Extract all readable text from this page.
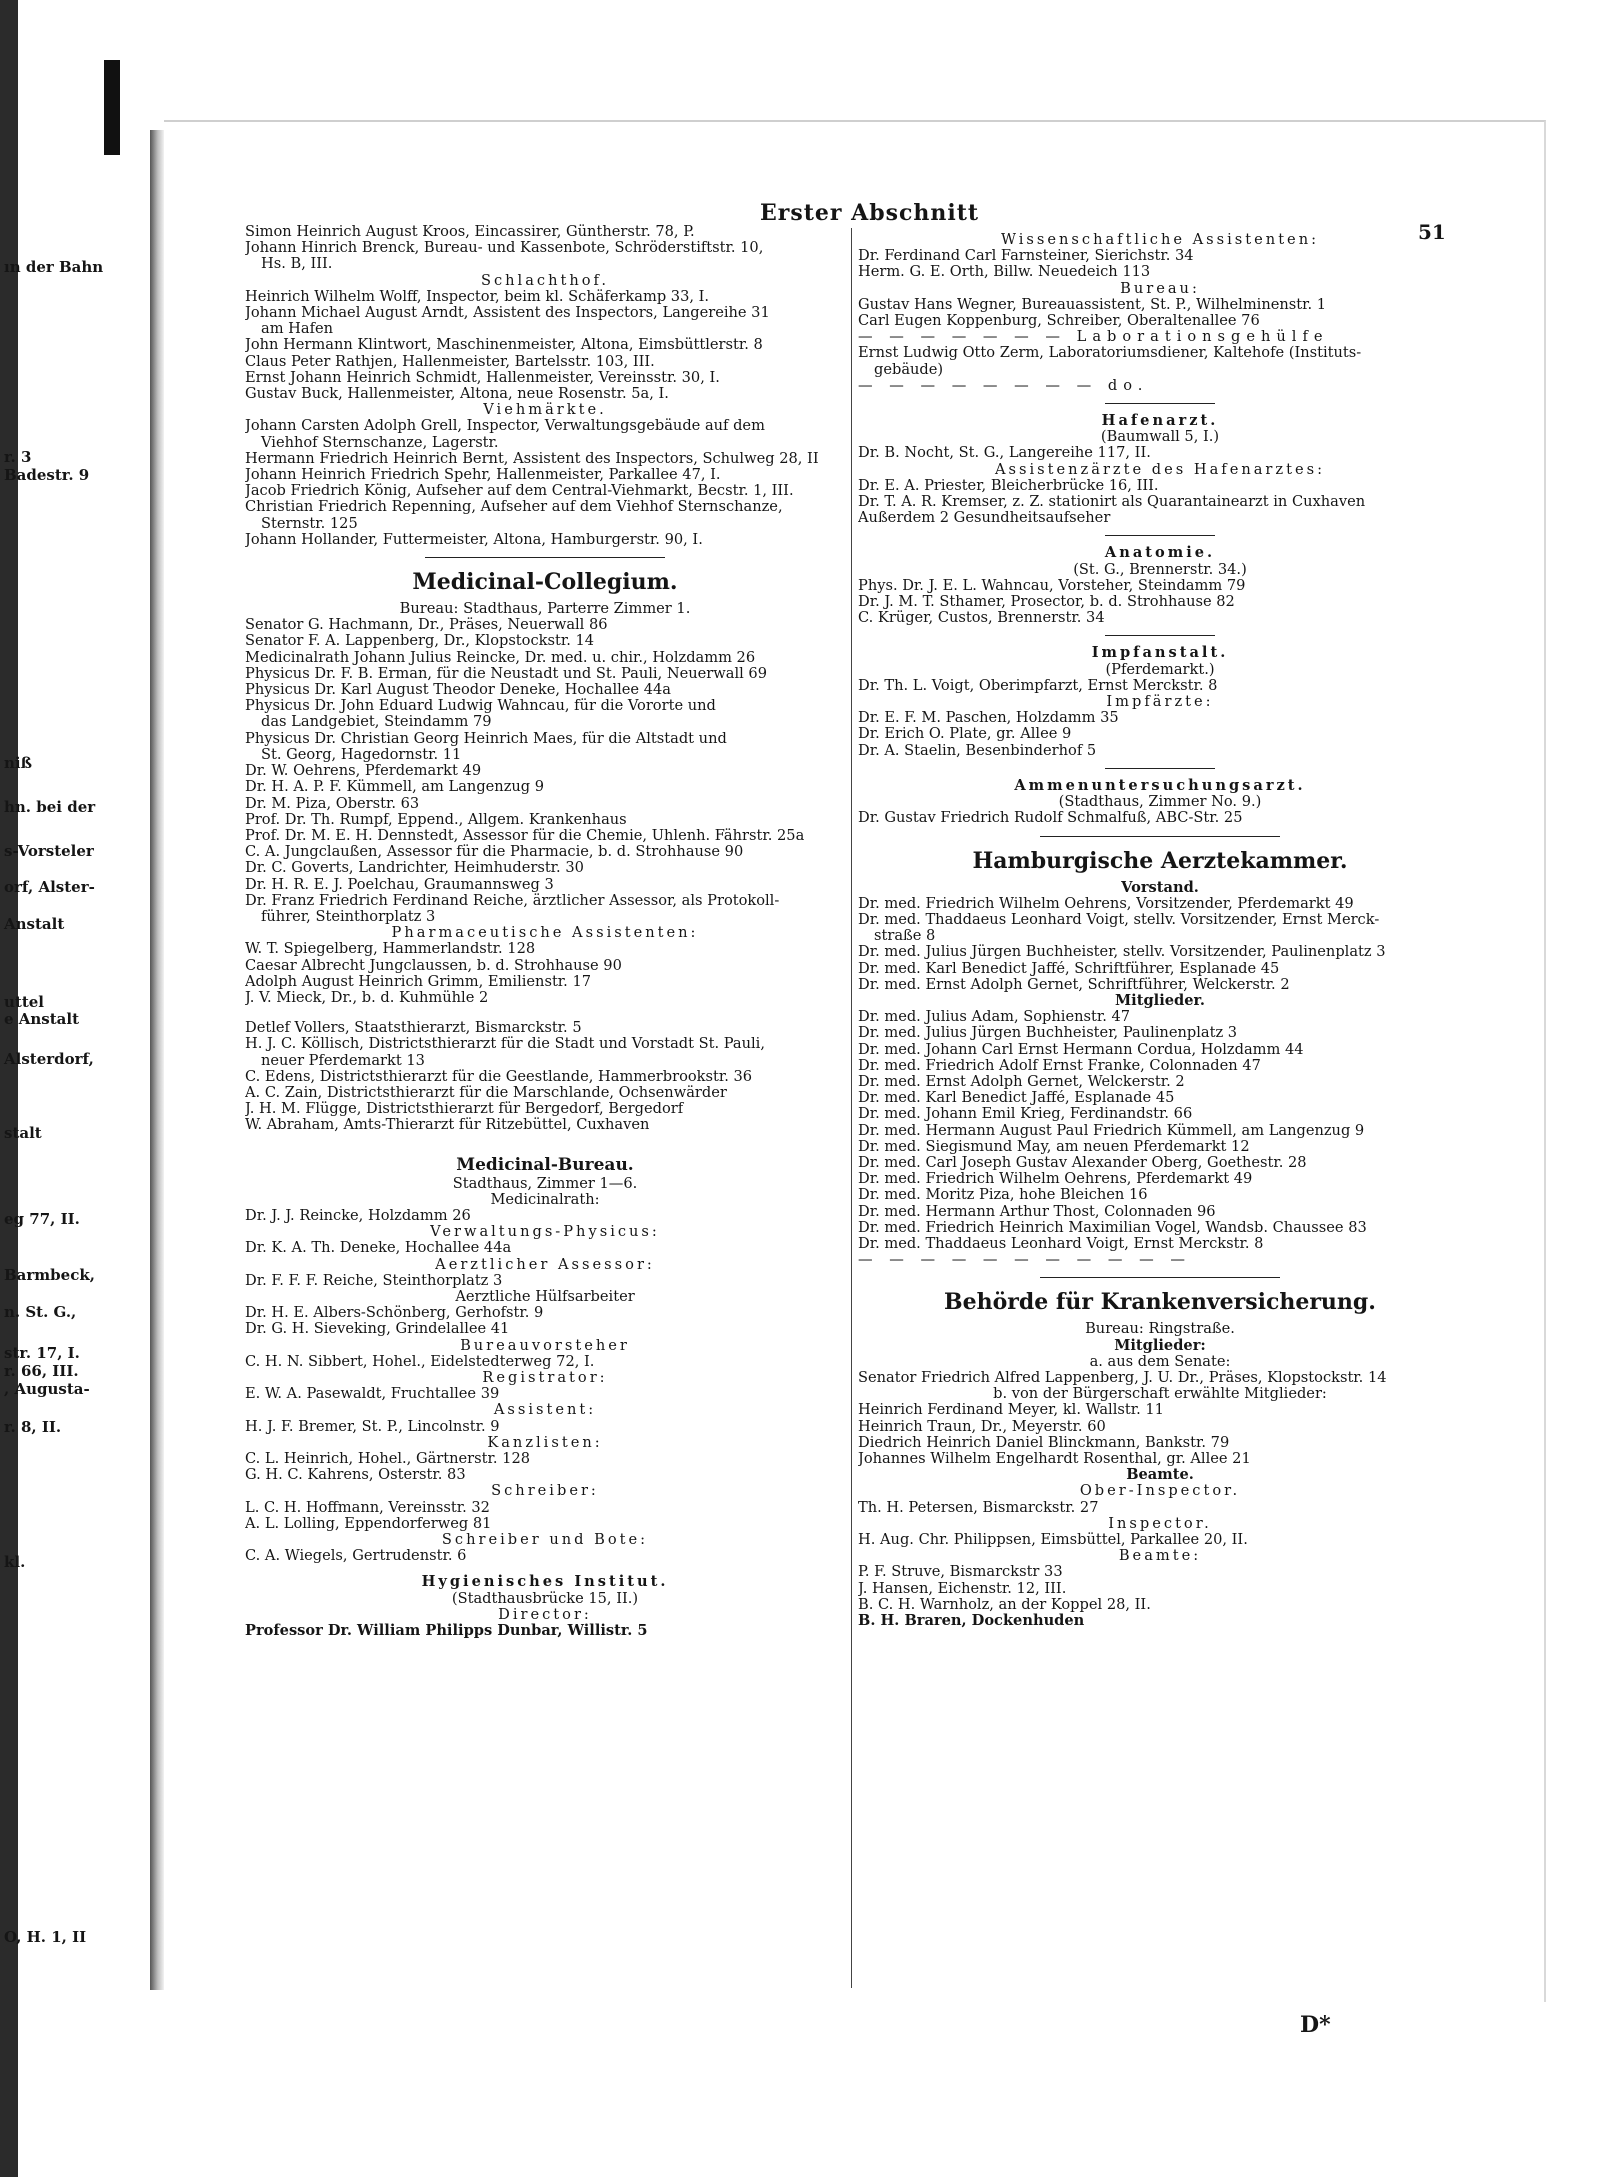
ın der Bahn
r. 3
Badestr. 9
niß
hn. bei der
s-Vorsteler
orf, Alster-
Anstalt
uttel
e Anstalt
Alsterdorf,
stalt
eg 77, II.
Barmbeck,
n. St. G.,
str. 17, I.
r. 66, III.
, Augusta-
r. 8, II.
kl.
O, H. 1, II
Erster Abschnitt
51
Simon Heinrich August Kroos, Eincassirer, Güntherstr. 78, P.
Johann Hinrich Brenck, Bureau- und Kassenbote, Schröderstiftstr. 10,
Hs. B, III.
Schlachthof.
Heinrich Wilhelm Wolff, Inspector, beim kl. Schäferkamp 33, I.
Johann Michael August Arndt, Assistent des Inspectors, Langereihe 31
am Hafen
John Hermann Klintwort, Maschinenmeister, Altona, Eimsbüttlerstr. 8
Claus Peter Rathjen, Hallenmeister, Bartelsstr. 103, III.
Ernst Johann Heinrich Schmidt, Hallenmeister, Vereinsstr. 30, I.
Gustav Buck, Hallenmeister, Altona, neue Rosenstr. 5a, I.
Viehmärkte.
Johann Carsten Adolph Grell, Inspector, Verwaltungsgebäude auf dem
Viehhof Sternschanze, Lagerstr.
Hermann Friedrich Heinrich Bernt, Assistent des Inspectors, Schulweg 28, II
Johann Heinrich Friedrich Spehr, Hallenmeister, Parkallee 47, I.
Jacob Friedrich König, Aufseher auf dem Central-Viehmarkt, Becstr. 1, III.
Christian Friedrich Repenning, Aufseher auf dem Viehhof Sternschanze,
Sternstr. 125
Johann Hollander, Futtermeister, Altona, Hamburgerstr. 90, I.
Medicinal-Collegium.
Bureau: Stadthaus, Parterre Zimmer 1.
Senator G. Hachmann, Dr., Präses, Neuerwall 86
Senator F. A. Lappenberg, Dr., Klopstockstr. 14
Medicinalrath Johann Julius Reincke, Dr. med. u. chir., Holzdamm 26
Physicus Dr. F. B. Erman, für die Neustadt und St. Pauli, Neuerwall 69
Physicus Dr. Karl August Theodor Deneke, Hochallee 44a
Physicus Dr. John Eduard Ludwig Wahncau, für die Vororte und
das Landgebiet, Steindamm 79
Physicus Dr. Christian Georg Heinrich Maes, für die Altstadt und
St. Georg, Hagedornstr. 11
Dr. W. Oehrens, Pferdemarkt 49
Dr. H. A. P. F. Kümmell, am Langenzug 9
Dr. M. Piza, Oberstr. 63
Prof. Dr. Th. Rumpf, Eppend., Allgem. Krankenhaus
Prof. Dr. M. E. H. Dennstedt, Assessor für die Chemie, Uhlenh. Fährstr. 25a
C. A. Jungclaußen, Assessor für die Pharmacie, b. d. Strohhause 90
Dr. C. Goverts, Landrichter, Heimhuderstr. 30
Dr. H. R. E. J. Poelchau, Graumannsweg 3
Dr. Franz Friedrich Ferdinand Reiche, ärztlicher Assessor, als Protokoll-
führer, Steinthorplatz 3
Pharmaceutische Assistenten:
W. T. Spiegelberg, Hammerlandstr. 128
Caesar Albrecht Jungclaussen, b. d. Strohhause 90
Adolph August Heinrich Grimm, Emilienstr. 17
J. V. Mieck, Dr., b. d. Kuhmühle 2
Detlef Vollers, Staatsthierarzt, Bismarckstr. 5
H. J. C. Köllisch, Districtsthierarzt für die Stadt und Vorstadt St. Pauli,
neuer Pferdemarkt 13
C. Edens, Districtsthierarzt für die Geestlande, Hammerbrookstr. 36
A. C. Zain, Districtsthierarzt für die Marschlande, Ochsenwärder
J. H. M. Flügge, Districtsthierarzt für Bergedorf, Bergedorf
W. Abraham, Amts-Thierarzt für Ritzebüttel, Cuxhaven
Medicinal-Bureau.
Stadthaus, Zimmer 1—6.
Medicinalrath:
Dr. J. J. Reincke, Holzdamm 26
Verwaltungs-Physicus:
Dr. K. A. Th. Deneke, Hochallee 44a
Aerztlicher Assessor:
Dr. F. F. F. Reiche, Steinthorplatz 3
Aerztliche Hülfsarbeiter
Dr. H. E. Albers-Schönberg, Gerhofstr. 9
Dr. G. H. Sieveking, Grindelallee 41
Bureauvorsteher
C. H. N. Sibbert, Hohel., Eidelstedterweg 72, I.
Registrator:
E. W. A. Pasewaldt, Fruchtallee 39
Assistent:
H. J. F. Bremer, St. P., Lincolnstr. 9
Kanzlisten:
C. L. Heinrich, Hohel., Gärtnerstr. 128
G. H. C. Kahrens, Osterstr. 83
Schreiber:
L. C. H. Hoffmann, Vereinsstr. 32
A. L. Lolling, Eppendorferweg 81
Schreiber und Bote:
C. A. Wiegels, Gertrudenstr. 6
Hygienisches Institut.
(Stadthausbrücke 15, II.)
Director:
Professor Dr. William Philipps Dunbar, Willistr. 5
Wissenschaftliche Assistenten:
Dr. Ferdinand Carl Farnsteiner, Sierichstr. 34
Herm. G. E. Orth, Billw. Neuedeich 113
Bureau:
Gustav Hans Wegner, Bureauassistent, St. P., Wilhelminenstr. 1
Carl Eugen Koppenburg, Schreiber, Oberaltenallee 76
— — — — — — — Laborationsgehülfe
Ernst Ludwig Otto Zerm, Laboratoriumsdiener, Kaltehofe (Instituts-
gebäude)
— — — — — — — — do.
Hafenarzt.
(Baumwall 5, I.)
Dr. B. Nocht, St. G., Langereihe 117, II.
Assistenzärzte des Hafenarztes:
Dr. E. A. Priester, Bleicherbrücke 16, III.
Dr. T. A. R. Kremser, z. Z. stationirt als Quarantainearzt in Cuxhaven
Außerdem 2 Gesundheitsaufseher
Anatomie.
(St. G., Brennerstr. 34.)
Phys. Dr. J. E. L. Wahncau, Vorsteher, Steindamm 79
Dr. J. M. T. Sthamer, Prosector, b. d. Strohhause 82
C. Krüger, Custos, Brennerstr. 34
Impfanstalt.
(Pferdemarkt.)
Dr. Th. L. Voigt, Oberimpfarzt, Ernst Merckstr. 8
Impfärzte:
Dr. E. F. M. Paschen, Holzdamm 35
Dr. Erich O. Plate, gr. Allee 9
Dr. A. Staelin, Besenbinderhof 5
Ammenuntersuchungsarzt.
(Stadthaus, Zimmer No. 9.)
Dr. Gustav Friedrich Rudolf Schmalfuß, ABC-Str. 25
Hamburgische Aerztekammer.
Vorstand.
Dr. med. Friedrich Wilhelm Oehrens, Vorsitzender, Pferdemarkt 49
Dr. med. Thaddaeus Leonhard Voigt, stellv. Vorsitzender, Ernst Merck-
straße 8
Dr. med. Julius Jürgen Buchheister, stellv. Vorsitzender, Paulinenplatz 3
Dr. med. Karl Benedict Jaffé, Schriftführer, Esplanade 45
Dr. med. Ernst Adolph Gernet, Schriftführer, Welckerstr. 2
Mitglieder.
Dr. med. Julius Adam, Sophienstr. 47
Dr. med. Julius Jürgen Buchheister, Paulinenplatz 3
Dr. med. Johann Carl Ernst Hermann Cordua, Holzdamm 44
Dr. med. Friedrich Adolf Ernst Franke, Colonnaden 47
Dr. med. Ernst Adolph Gernet, Welckerstr. 2
Dr. med. Karl Benedict Jaffé, Esplanade 45
Dr. med. Johann Emil Krieg, Ferdinandstr. 66
Dr. med. Hermann August Paul Friedrich Kümmell, am Langenzug 9
Dr. med. Siegismund May, am neuen Pferdemarkt 12
Dr. med. Carl Joseph Gustav Alexander Oberg, Goethestr. 28
Dr. med. Friedrich Wilhelm Oehrens, Pferdemarkt 49
Dr. med. Moritz Piza, hohe Bleichen 16
Dr. med. Hermann Arthur Thost, Colonnaden 96
Dr. med. Friedrich Heinrich Maximilian Vogel, Wandsb. Chaussee 83
Dr. med. Thaddaeus Leonhard Voigt, Ernst Merckstr. 8
— — — — — — — — — — —
Behörde für Krankenversicherung.
Bureau: Ringstraße.
Mitglieder:
a. aus dem Senate:
Senator Friedrich Alfred Lappenberg, J. U. Dr., Präses, Klopstockstr. 14
b. von der Bürgerschaft erwählte Mitglieder:
Heinrich Ferdinand Meyer, kl. Wallstr. 11
Heinrich Traun, Dr., Meyerstr. 60
Diedrich Heinrich Daniel Blinckmann, Bankstr. 79
Johannes Wilhelm Engelhardt Rosenthal, gr. Allee 21
Beamte.
Ober-Inspector.
Th. H. Petersen, Bismarckstr. 27
Inspector.
H. Aug. Chr. Philippsen, Eimsbüttel, Parkallee 20, II.
Beamte:
P. F. Struve, Bismarckstr 33
J. Hansen, Eichenstr. 12, III.
B. C. H. Warnholz, an der Koppel 28, II.
B. H. Braren, Dockenhuden
D*
